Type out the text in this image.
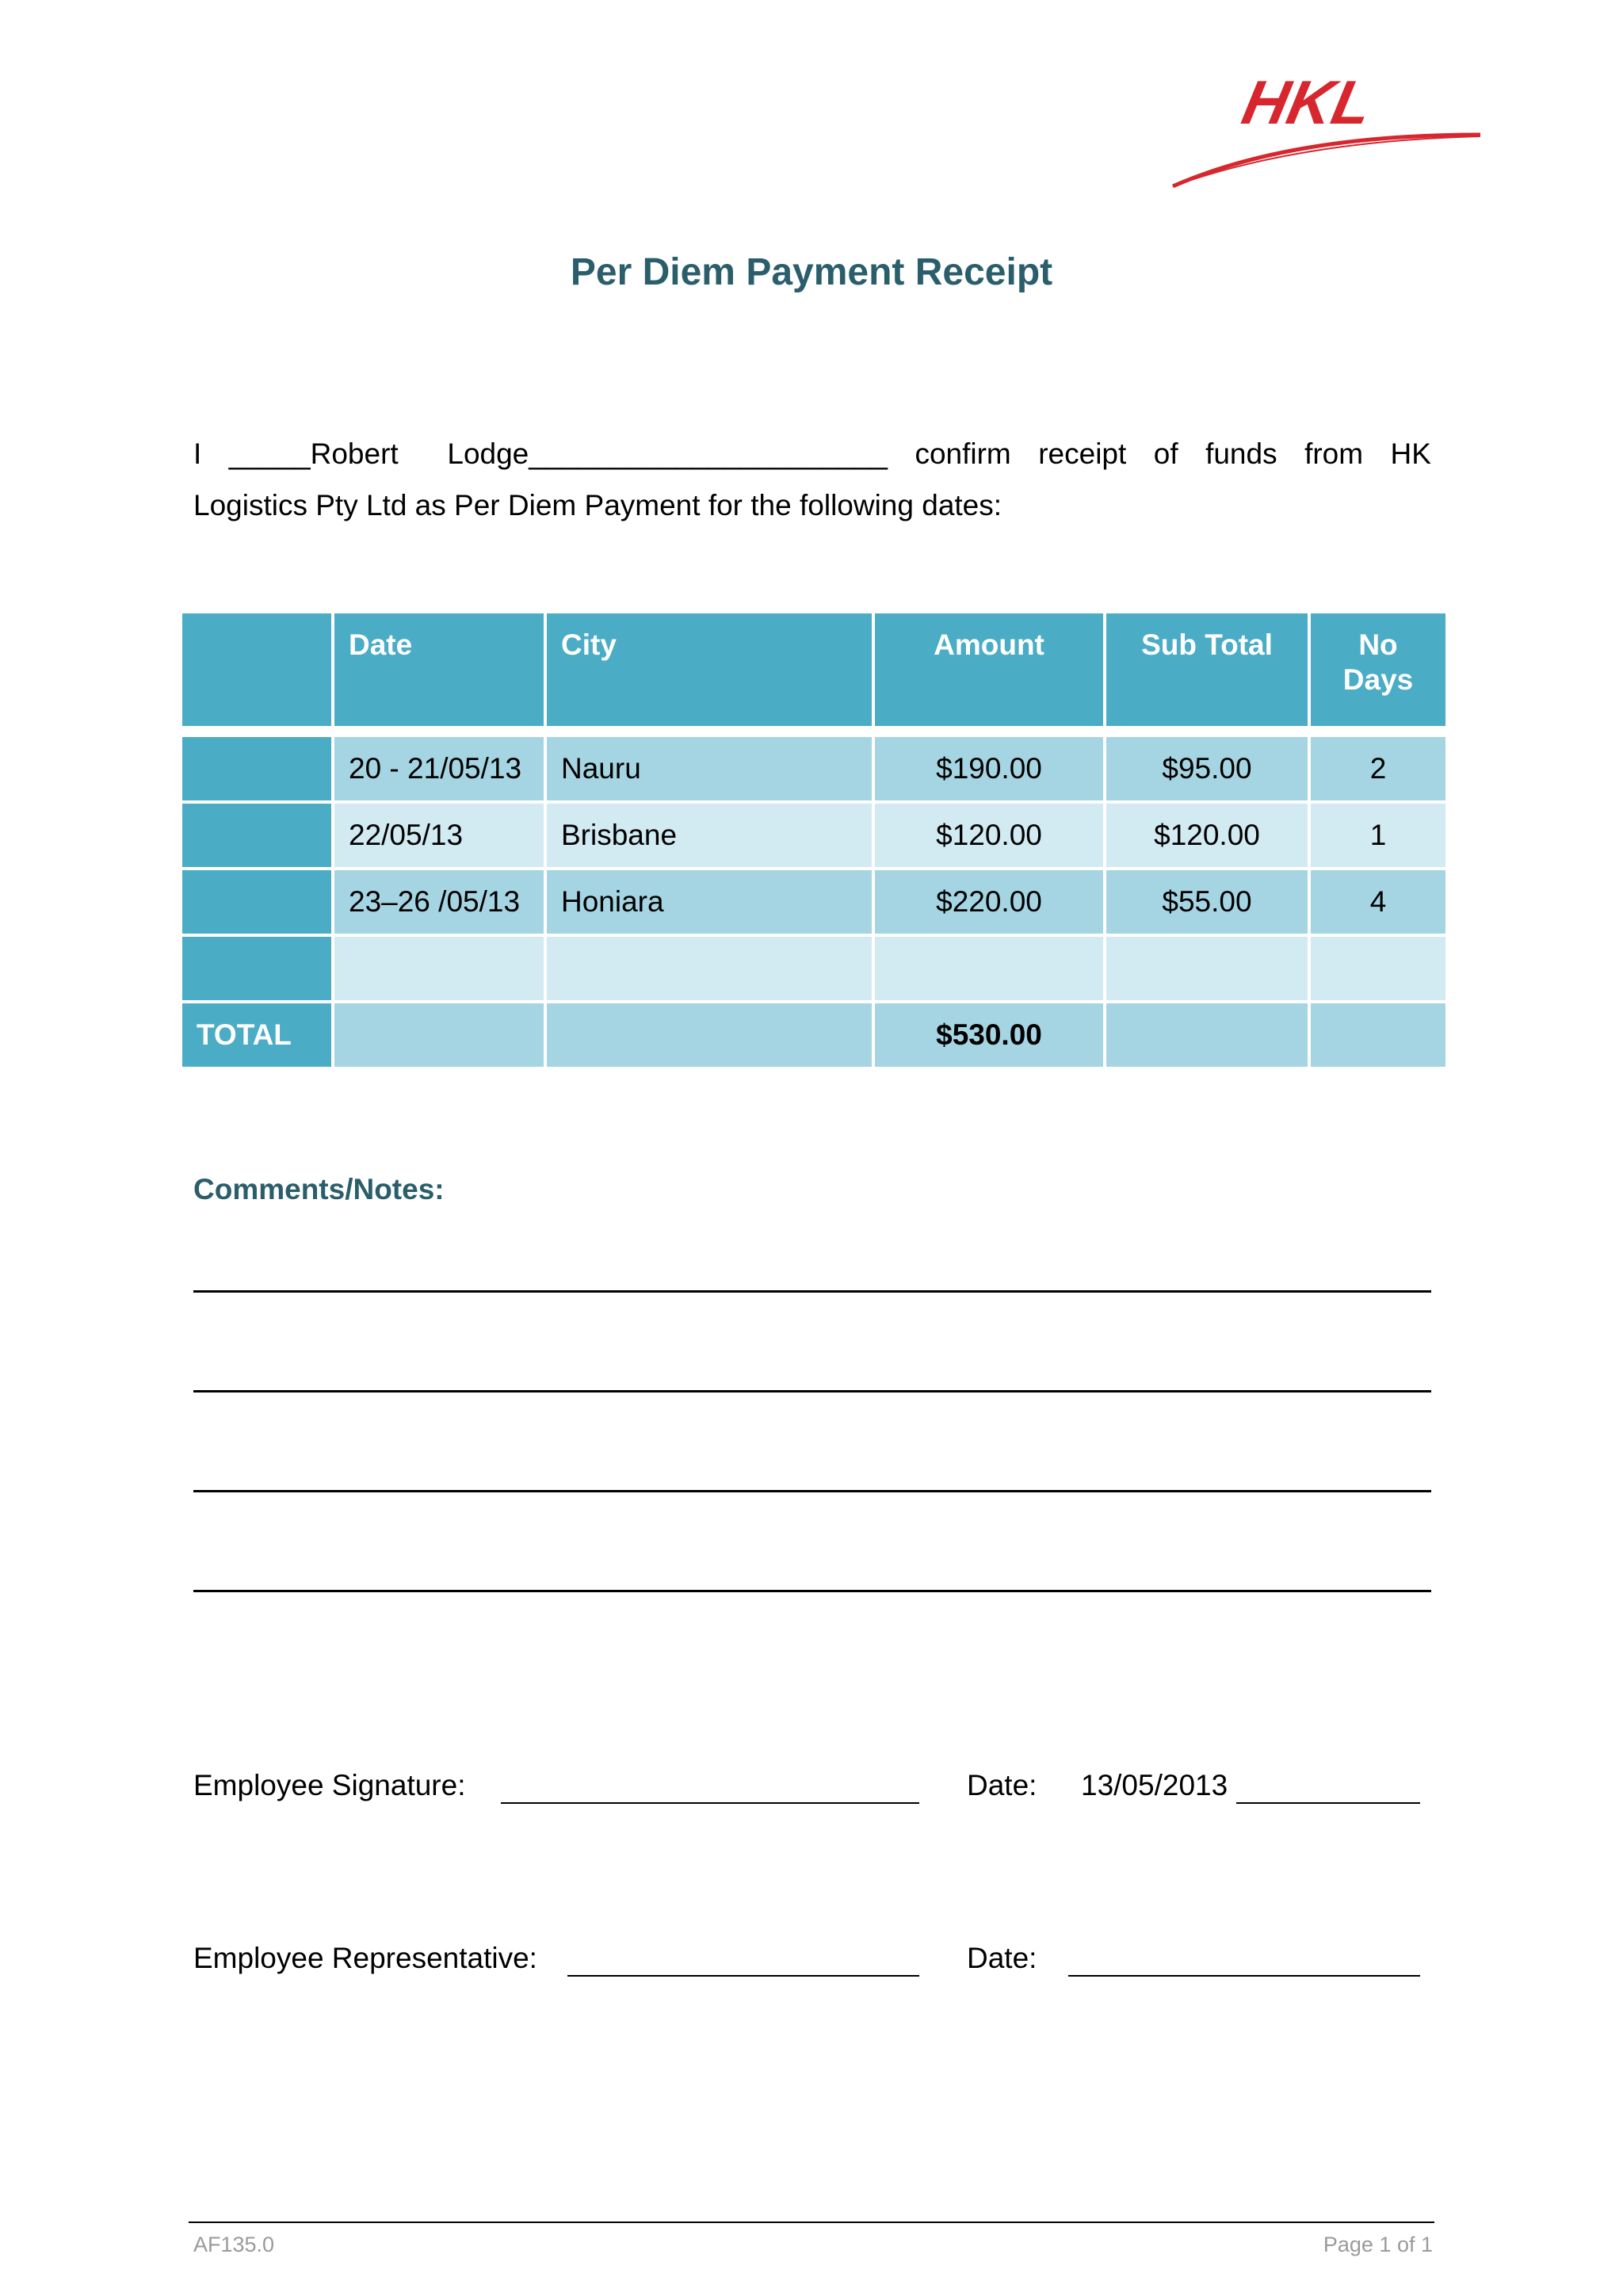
HKL
Per Diem Payment Receipt
I _____Robert      Lodge______________________ confirm receipt of funds from HK
Logistics Pty Ltd as Per Diem Payment for the following dates:
	Date	City	Amount	Sub Total	No
Days

	20 - 21/05/13	Nauru	$190.00	$95.00	2
	22/05/13	Brisbane	$120.00	$120.00	1
	23–26 /05/13	Honiara	$220.00	$55.00	4

TOTAL			$530.00		
Comments/Notes:
Employee Signature:	Date: 13/05/2013
Employee Representative:	Date:
AF135.0	Page 1 of 1
